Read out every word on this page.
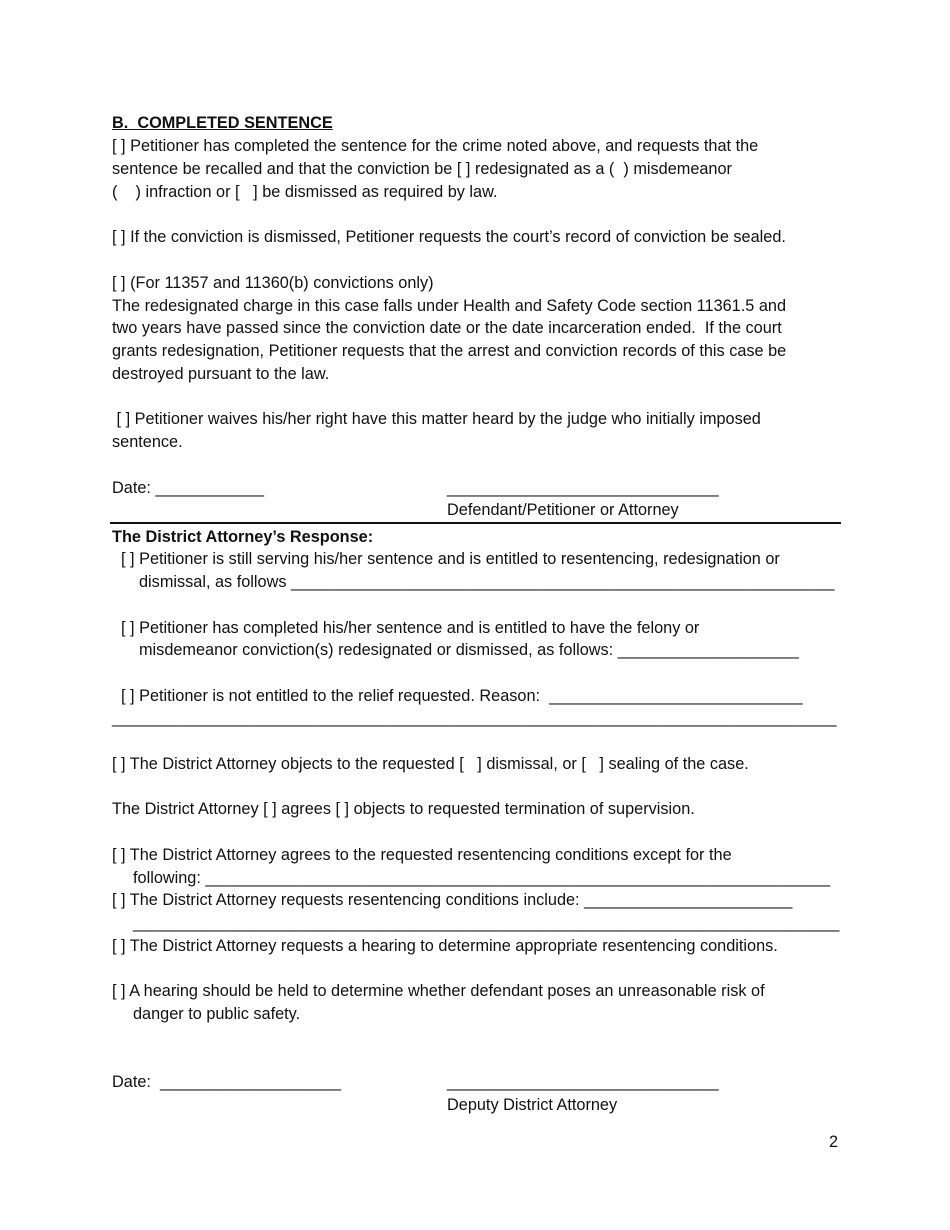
B.  COMPLETED SENTENCE
[ ] Petitioner has completed the sentence for the crime noted above, and requests that the
sentence be recalled and that the conviction be [ ] redesignated as a (  ) misdemeanor
(    ) infraction or [   ] be dismissed as required by law.
[ ] If the conviction is dismissed, Petitioner requests the court’s record of conviction be sealed.
[ ] (For 11357 and 11360(b) convictions only)
The redesignated charge in this case falls under Health and Safety Code section 11361.5 and
two years have passed since the conviction date or the date incarceration ended.  If the court
grants redesignation, Petitioner requests that the arrest and conviction records of this case be
destroyed pursuant to the law.
[ ] Petitioner waives his/her right have this matter heard by the judge who initially imposed
sentence.
Date: ____________	______________________________
Defendant/Petitioner or Attorney
The District Attorney’s Response:
[ ] Petitioner is still serving his/her sentence and is entitled to resentencing, redesignation or
dismissal, as follows ____________________________________________________________
[ ] Petitioner has completed his/her sentence and is entitled to have the felony or
misdemeanor conviction(s) redesignated or dismissed, as follows: ____________________
[ ] Petitioner is not entitled to the relief requested. Reason:  ____________________________
________________________________________________________________________________
[ ] The District Attorney objects to the requested [   ] dismissal, or [   ] sealing of the case.
The District Attorney [ ] agrees [ ] objects to requested termination of supervision.
[ ] The District Attorney agrees to the requested resentencing conditions except for the
following: _____________________________________________________________________
[ ] The District Attorney requests resentencing conditions include: _______________________
______________________________________________________________________________
[ ] The District Attorney requests a hearing to determine appropriate resentencing conditions.
[ ] A hearing should be held to determine whether defendant poses an unreasonable risk of
danger to public safety.
Date:  ____________________	______________________________
Deputy District Attorney
2
